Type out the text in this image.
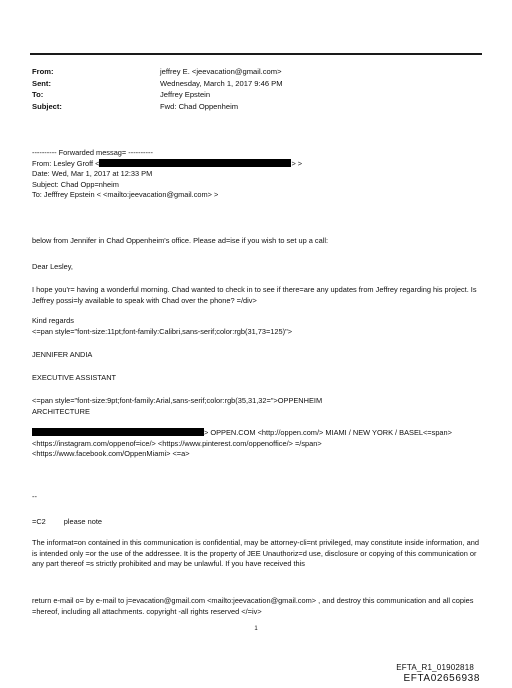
From:	jeffrey E. <jeevacation@gmail.com>
Sent:	Wednesday, March 1, 2017 9:46 PM
To:	Jeffrey Epstein
Subject:	Fwd: Chad Oppenheim
---------- Forwarded messag= ----------
From: Lesley Groff <	> >
Date: Wed, Mar 1, 2017 at 12:33 PM
Subject: Chad Opp=nheim
To: Jefffrey Epstein < <mailto:jeevacation@gmail.com> >
below from Jennifer in Chad Oppenheim's office. Please ad=ise if you wish to set up a call:
Dear Lesley,
I hope you'r= having a wonderful morning. Chad wanted to check in to see if there=are any updates from Jeffrey regarding his project. Is Jeffrey possi=ly available to speak with Chad over the phone? =/div>
Kind regards
<=pan style="font-size:11pt;font-family:Calibri,sans-serif;color:rgb(31,73=125)">
JENNIFER ANDIA
EXECUTIVE ASSISTANT
<=pan style="font-size:9pt;font-family:Arial,sans-serif;color:rgb(35,31,32=">OPPENHEIM
ARCHITECTURE
> OPPEN.COM <http://oppen.com/> MIAMI / NEW YORK / BASEL<=span>
<https://instagram.com/oppenof=ice/> <https://www.pinterest.com/oppenoffice/> =/span>
<https://www.facebook.com/OppenMiami> <=a>
--
=C2 please note
The informat=on contained in this communication is confidential, may be attorney-cli=nt privileged, may constitute inside information, and is intended only =or the use of the addressee. It is the property of JEE Unauthoriz=d use, disclosure or copying of this communication or any part thereof =s strictly prohibited and may be unlawful. If you have received this
return e-mail o= by e-mail to j=evacation@gmail.com <mailto:jeevacation@gmail.com> , and destroy this communication and all copies =hereof, including all attachments. copyright -all rights reserved </=iv>
1
EFTA_R1_01902818
EFTA02656938
